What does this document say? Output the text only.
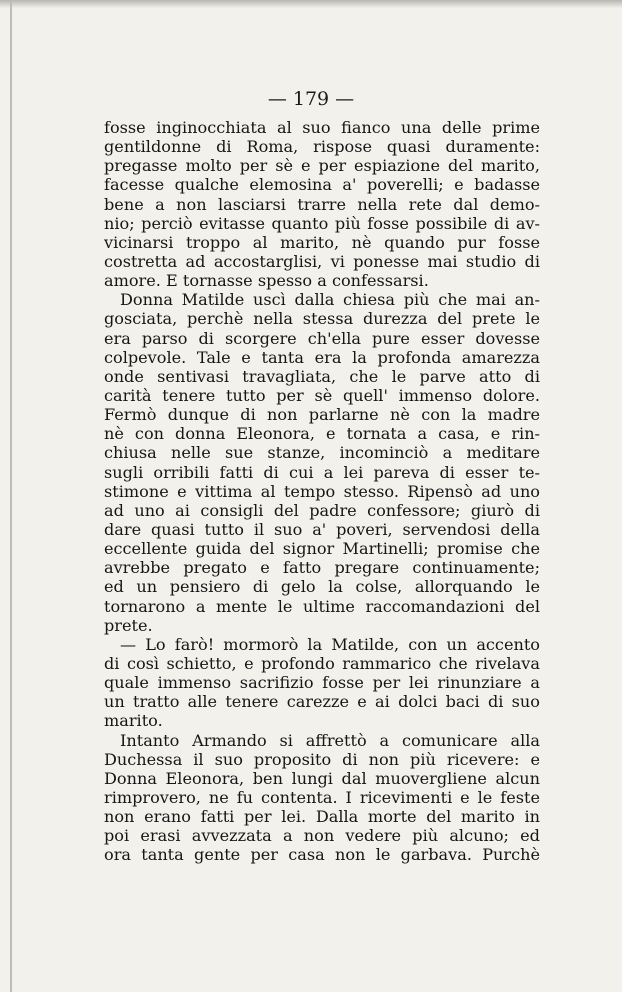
— 179 —
fosse inginocchiata al suo fianco una delle prime
gentildonne di Roma, rispose quasi duramente:
pregasse molto per sè e per espiazione del marito,
facesse qualche elemosina a' poverelli; e badasse
bene a non lasciarsi trarre nella rete dal demo-
nio; perciò evitasse quanto più fosse possibile di av-
vicinarsi troppo al marito, nè quando pur fosse
costretta ad accostarglisi, vi ponesse mai studio di
amore. E tornasse spesso a confessarsi.
Donna Matilde uscì dalla chiesa più che mai an-
gosciata, perchè nella stessa durezza del prete le
era parso di scorgere ch'ella pure esser dovesse
colpevole. Tale e tanta era la profonda amarezza
onde sentivasi travagliata, che le parve atto di
carità tenere tutto per sè quell' immenso dolore.
Fermò dunque di non parlarne nè con la madre
nè con donna Eleonora, e tornata a casa, e rin-
chiusa nelle sue stanze, incominciò a meditare
sugli orribili fatti di cui a lei pareva di esser te-
stimone e vittima al tempo stesso. Ripensò ad uno
ad uno ai consigli del padre confessore; giurò di
dare quasi tutto il suo a' poveri, servendosi della
eccellente guida del signor Martinelli; promise che
avrebbe pregato e fatto pregare continuamente;
ed un pensiero di gelo la colse, allorquando le
tornarono a mente le ultime raccomandazioni del
prete.
— Lo farò! mormorò la Matilde, con un accento
di così schietto, e profondo rammarico che rivelava
quale immenso sacrifizio fosse per lei rinunziare a
un tratto alle tenere carezze e ai dolci baci di suo
marito.
Intanto Armando si affrettò a comunicare alla
Duchessa il suo proposito di non più ricevere: e
Donna Eleonora, ben lungi dal muovergliene alcun
rimprovero, ne fu contenta. I ricevimenti e le feste
non erano fatti per lei. Dalla morte del marito in
poi erasi avvezzata a non vedere più alcuno; ed
ora tanta gente per casa non le garbava. Purchè
